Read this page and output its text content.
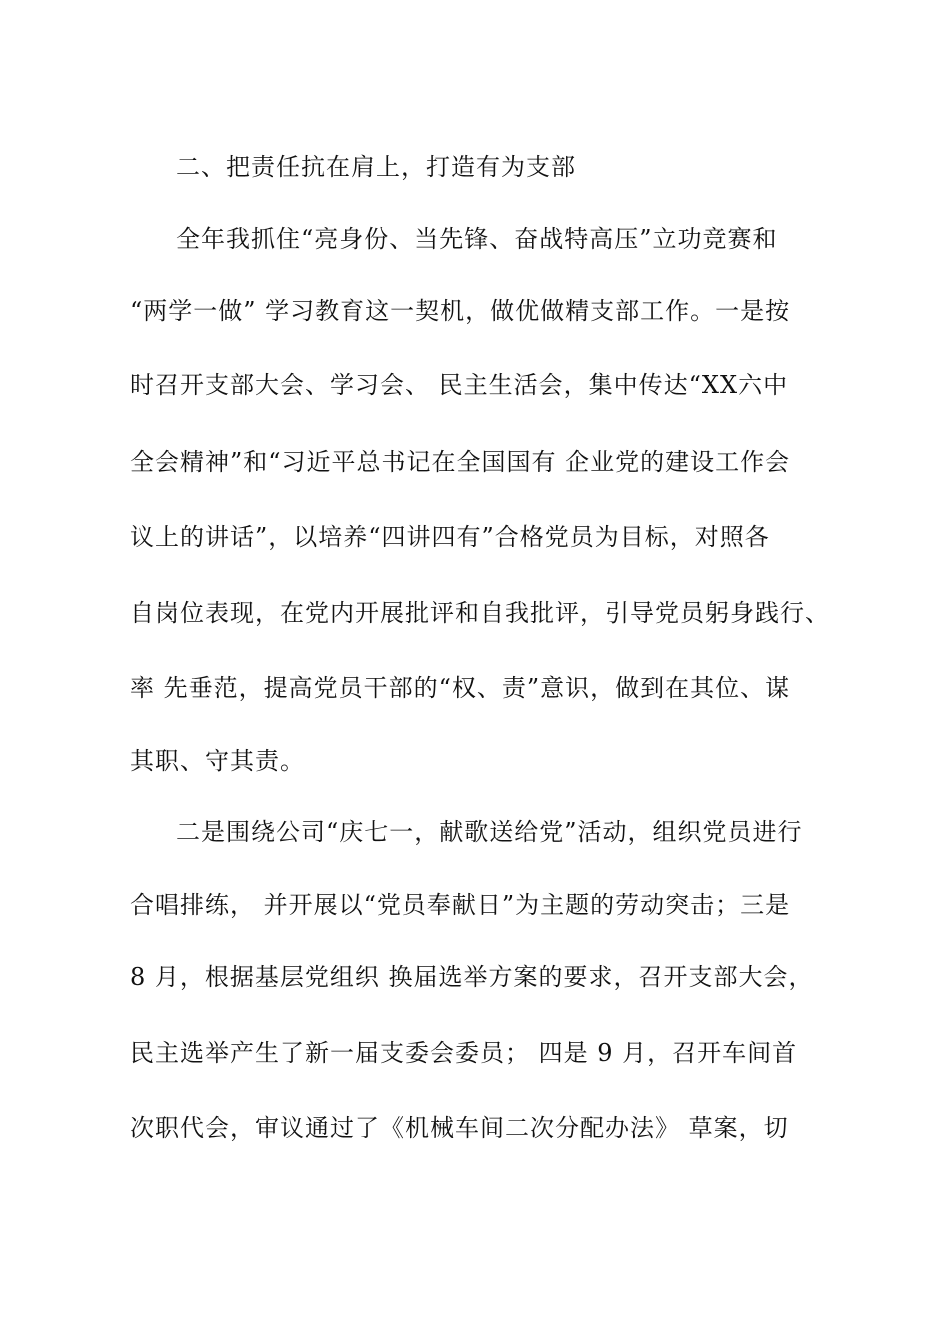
二、把责任抗在肩上，打造有为支部
全年我抓住“亮身份、当先锋、奋战特高压”立功竞赛和
“两学一做” 学习教育这一契机，做优做精支部工作。一是按
时召开支部大会、学习会、 民主生活会，集中传达“XX六中
全会精神”和“习近平总书记在全国国有 企业党的建设工作会
议上的讲话”，以培养“四讲四有”合格党员为目标，对照各
自岗位表现，在党内开展批评和自我批评，引导党员躬身践行、
率 先垂范，提高党员干部的“权、责”意识，做到在其位、谋
其职、守其责。
二是围绕公司“庆七一，献歌送给党”活动，组织党员进行
合唱排练， 并开展以“党员奉献日”为主题的劳动突击；三是
8 月，根据基层党组织 换届选举方案的要求，召开支部大会，
民主选举产生了新一届支委会委员； 四是 9 月，召开车间首
次职代会，审议通过了《机械车间二次分配办法》 草案，切
